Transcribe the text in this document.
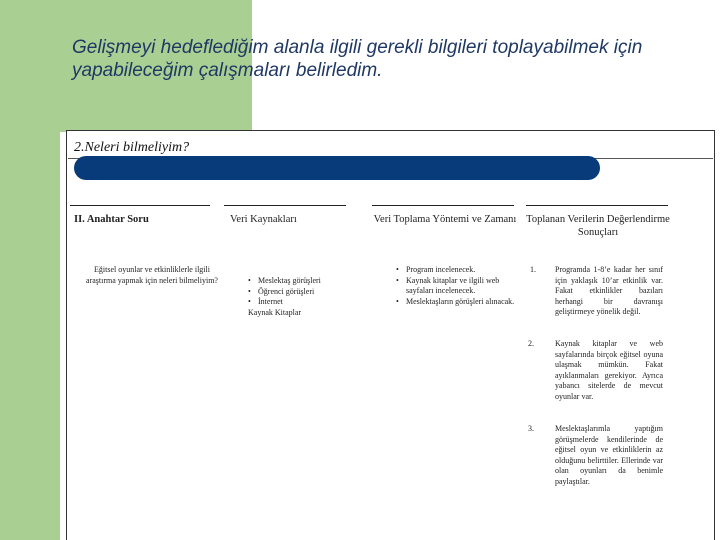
Gelişmeyi hedeflediğim alanla ilgili gerekli bilgileri toplayabilmek için yapabileceğim çalışmaları belirledim.
2.Neleri bilmeliyim?
II. Anahtar Soru	Veri Kaynakları	Veri Toplama Yöntemi ve Zamanı Toplanan Verilerin Değerlendirme Sonuçları
Eğitsel oyunlar ve etkinliklerle ilgili araştırma yapmak için neleri bilmeliyim?
•	Meslektaş görüşleri
• Öğrenci görüşleri
• İnternet
Kaynak Kitaplar
• Program incelenecek.
• Kaynak kitaplar ve ilgili web sayfaları incelenecek.
• Meslektaşların görüşleri alınacak.
1. Programda 1-8’e kadar her sınıf için yaklaşık 10’ar etkinlik var. Fakat etkinlikler bazıları herhangi bir davranışı geliştirmeye yönelik değil.
2.	Kaynak kitaplar ve web sayfalarında birçok eğitsel oyuna ulaşmak mümkün. Fakat ayıklanmaları gerekiyor. Ayrıca yabancı sitelerde de mevcut oyunlar var.
3.	Meslektaşlarımla yaptığım görüşmelerde kendilerinde de eğitsel oyun ve etkinliklerin az olduğunu belirttiler. Ellerinde var olan oyunları da benimle paylaştılar.
